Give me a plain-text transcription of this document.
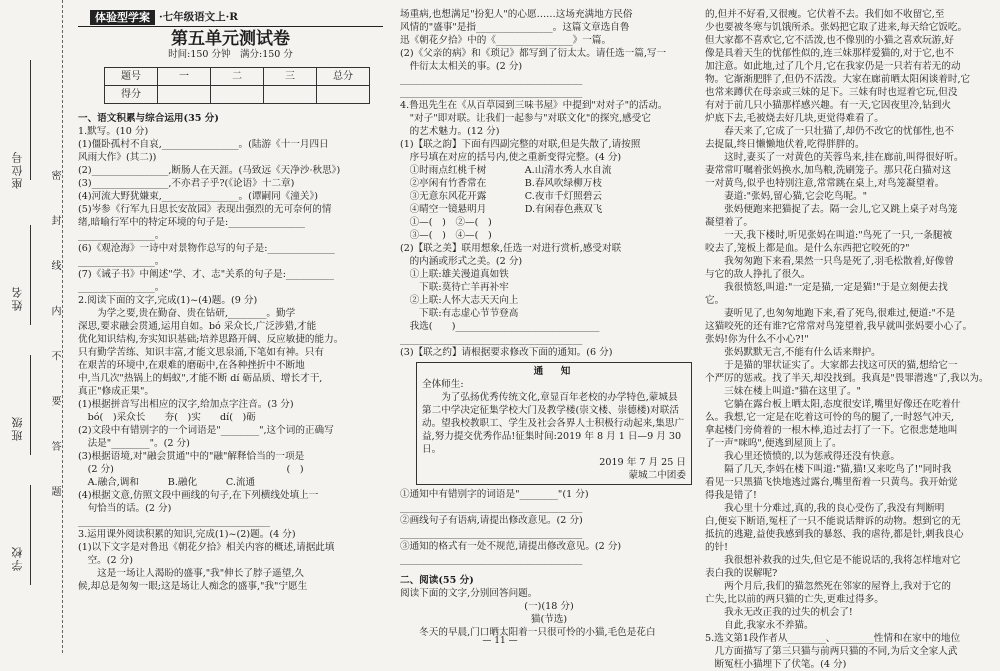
座位号
姓名
班级
学校
密 封 线 内 不 要 答 题
体验型学案 ·七年级语文上·R
第五单元测试卷
时间:150 分钟　满分:150 分
题号	一	二	三	总分
得分				

一、语文积累与综合运用(35 分)

1.默写。(10 分)

(1)僵卧孤村不自哀,________________。(陆游《十一月四日

风雨大作》(其二))

(2)________________,断肠人在天涯。(马致远《天净沙·秋思》)

(3)________________,不亦君子乎?(《论语》十二章)

(4)河流大野犹嫌束,________________。(谭嗣同《潼关》)

(5)岑参《行军九日思长安故园》表现出强烈的无可奈何的情

绪,暗喻行军中的特定环境的句子是:________________

________________。

(6)《观沧海》一诗中对景物作总写的句子是:______________

________________。

(7)《诫子书》中阐述"学、才、志"关系的句子是:__________

________________。

2.阅读下面的文字,完成(1)~(4)题。(9 分)

　　为学之要,贵在勤奋、贵在钻研,________。勤学

深思,要求融会贯通,运用自如。bó 采众长,广泛涉猎,才能

优化知识结构,夯实知识基础;培养思路开阔、反应敏捷的能力。

只有勤学苦练、知识丰富,才能文思泉涌,下笔如有神。只有

在艰苦的环境中,在艰难的磨砺中,在各种挫折中不断地

中,当几次"热锅上的蚂蚁",才能不断 dí 砺品质、增长才干,

真正"修成正果"。

(1)根据拼音写出相应的汉字,给加点字注音。(3 分)

　bó(　)采众长　　夯(　)实　　dí(　)砺

(2)文段中有错别字的一个词语是"________",这个词的正确写

　法是"________"。(2 分)

(3)根据语境,对"融会贯通"中的"融"解释恰当的一项是

　(2 分)　　　　　　　　　　　　　　　　　　(　)

　A.融合,调和　　　B.融化　　　C.流通

(4)根据文意,仿照文段中画线的句子,在下列横线处填上一

　句恰当的话。(2 分)

________________________________________

3.运用课外阅读积累的知识,完成(1)~(2)题。(4 分)

(1)以下文字是对鲁迅《朝花夕拾》相关内容的概述,请据此填

　空。(2 分)

　　这是一场让人渴盼的盛事,"我"伸长了脖子遥望,久

候,却总是匆匆一眼;这是场让人痴念的盛事,"我"宁愿生

场重病,也想满足"扮犯人"的心愿……这场充满地方民俗

风情的"盛事"是指________________。这篇文章选自鲁

迅《朝花夕拾》中的《________________》一篇。

(2)《父亲的病》和《琐记》都写到了衍太太。请任选一篇,写一

　件衍太太相关的事。(2 分)

______________________________________

______________________________________

4.鲁迅先生在《从百草园到三味书屋》中提到"对对子"的活动。

　"对子"即对联。让我们一起参与"对联文化"的探究,感受它

　的艺术魅力。(12 分)

(1)【联之韵】下面有四副完整的对联,但是失散了,请按照

　序号填在对应的括号内,使之重新变得完整。(4 分)

　①时雨点红桃千树　　　　A.山清水秀人水自流

　②亭闲有竹香常在　　　　B.春风吹绿柳万枝

　③无意东风花开露　　　　C.夜市千灯照碧云

　④晴空一镜悬明月　　　　D.有闲春色燕双飞

　①—(　)　②—(　)

　③—(　)　④—(　)

(2)【联之美】联用想象,任选一对进行赏析,感受对联

　的内涵或形式之美。(2 分)

　①上联:雄关漫道真如铁

　　下联:莫待亡羊再补牢

　②上联:人怀大志天天向上

　　下联:有志虚心节节登高

　我选(　　)______________________________

______________________________________

(3)【联之约】请根据要求修改下面的通知。(6 分)

通　知

全体师生:

为了弘扬优秀传统文化,章显百年老校的办学特色,蒙城县第二中学决定征集学校大门及教学楼(崇文楼、崇德楼)对联活动。望我校教职工、学生及社会各界人士积极行动起来,集思广益,努力提交优秀作品!征集时间:2019 年 8 月 1 日—9 月 30 日。

2019 年 7 月 25 日

蒙城二中团委

①通知中有错别字的词语是"________"(1 分)

______________________________________

②画线句子有语病,请提出修改意见。(2 分)

______________________________________

③通知的格式有一处不规范,请提出修改意见。(2 分)

______________________________________

二、阅读(55 分)

阅读下面的文字,分别回答问题。

(一)(18 分)

猫(节选)

　　冬天的早晨,门口晒太阳着一只很可怜的小猫,毛色是花白

的,但并不好看,又很瘦。它伏着不去。我们如不收留它,至

少也要被冬寒与饥饿所杀。张妈把它取了进来,每天给它饭吃。

但大家都不喜欢它,它不活泼,也不像别的小猫之喜欢玩游,好

像是具着天生的忧郁性似的,连三妹那样爱猫的,对于它,也不

加注意。如此地,过了几个月,它在我家仍是一只若有若无的动

物。它渐渐肥胖了,但仍不活泼。大家在廊前晒太阳闲谈着时,它

也常来蹲伏在母亲或三妹的足下。三妹有时也逗着它玩,但没

有对于前几只小猫那样感兴趣。有一天,它因夜里冷,钻到火

炉底下去,毛被烧去好几块,更觉得难看了。

　　春天来了,它成了一只壮猫了,却仍不改它的忧郁性,也不

去捉鼠,终日懒懒地伏着,吃得胖胖的。

　　这时,妻买了一对黄色的芙蓉鸟来,挂在廊前,叫得很好听。

妻常常叮嘱着张妈换水,加鸟粮,洗刷笼子。那只花白猫对这

一对黄鸟,似乎也特别注意,常常跳在桌上,对鸟笼凝望着。

　　妻道:"张妈,留心猫,它会吃鸟呢。"

　　张妈便跑来把猫捉了去。隔一会儿,它又跳上桌子对鸟笼

凝望着了。

　　一天,我下楼时,听见张妈在叫道:"鸟死了一只,一条腿被

咬去了,笼板上都是血。是什么东西把它咬死的?"

　　我匆匆跑下来看,果然一只鸟是死了,羽毛松散着,好像曾

与它的敌人挣扎了很久。

　　我很愤怒,叫道:"一定是猫,一定是猫!"于是立刻便去找

它。

　　妻听见了,也匆匆地跑下来,看了死鸟,很难过,便道:"不是

这猫咬死的还有谁?它常常对鸟笼望着,我早就叫张妈要小心了。

张妈!你为什么不小心?!"

　　张妈默默无言,不能有什么话来辩护。

　　于是猫的罪状证实了。大家都去找这可厌的猫,想给它一

个严厉的惩戒。找了半天,却没找到。我真是"畏罪潜逃"了,我以为。

　　三妹在楼上叫道:"猫在这里了。"

　　它躺在露台板上晒太阳,态度很安详,嘴里好像还在吃着什

么。我想,它一定是在吃着这可怜的鸟的腿了,一时怒气冲天,

拿起楼门旁倚着的一根木棒,追过去打了一下。它很悲楚地叫

了一声"咪呜",便逃到屋顶上了。

　　我心里还愤愤的,以为惩戒得还没有快意。

　　隔了几天,李妈在楼下叫道:"猫,猫!又来吃鸟了!"同时我

看见一只黑猫飞快地逃过露台,嘴里衔着一只黄鸟。我开始觉

得我是错了!

　　我心里十分难过,真的,我的良心受伤了,我没有判断明

白,便妄下断语,冤枉了一只不能说话辩诉的动物。想到它的无

抵抗的逃避,益使我感到我的暴怒、我的虐待,都是针,刺我良心

的针!

　　我很想补救我的过失,但它是不能说话的,我将怎样地对它

表白我的误解呢?

　　两个月后,我们的猫忽然死在邻家的屋脊上,我对于它的

亡失,比以前的两只猫的亡失,更难过得多。

　　我永无改正我的过失的机会了!

　　自此,我家永不养猫。

5.选文第1段作者从________、________性情和在家中的地位

　几方面描写了第三只猫与前两只猫的不同,为后文全家人武

　断冤枉小猫埋下了伏笔。(4 分)

— 11 —
